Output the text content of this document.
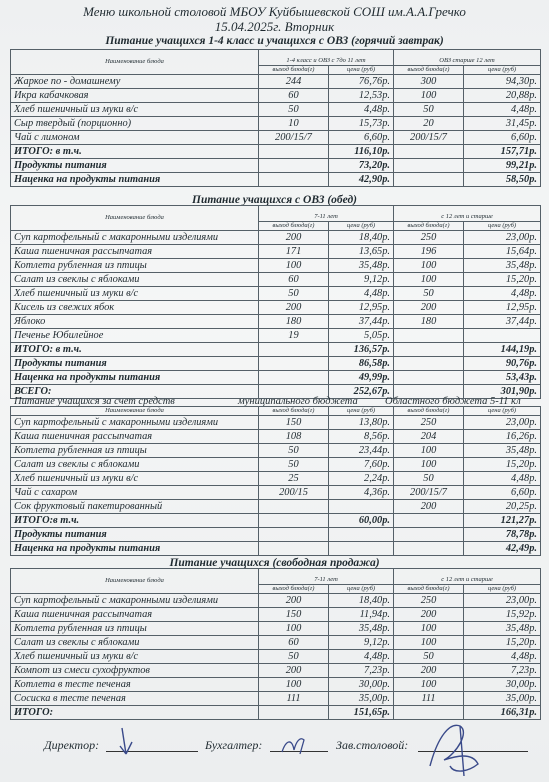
Меню школьной столовой МБОУ Куйбышевской СОШ им.А.А.Гречко
15.04.2025г. Вторник
Питание учащихся 1-4 класс и учащихся с ОВЗ (горячий завтрак)
Наименование блюда	1-4 класс и ОВЗ с 7до 11 лет		ОВЗ старше 12 лет	
	выход блюда(г)	цена (руб)	выход блюда(г)	цена (руб)
Жаркое по - домашнему	244	76,76р.	300	94,30р.
Икра кабачковая	60	12,53р.	100	20,88р.
Хлеб пшеничный из муки в/с	50	4,48р.	50	4,48р.
Сыр твердый (порционно)	10	15,73р.	20	31,45р.
Чай с лимоном	200/15/7	6,60р.	200/15/7	6,60р.
ИТОГО: в т.ч.		116,10р.		157,71р.
Продукты питания		73,20р.		99,21р.
Наценка на продукты питания		42,90р.		58,50р.
Питание учащихся с ОВЗ (обед)
Наименование блюда	7-11 лет		с 12 лет и старше	
	выход блюда(г)	цена (руб)	выход блюда(г)	цена (руб)
Суп картофельный с макаронными изделиями	200	18,40р.	250	23,00р.
Каша пшеничная рассыпчатая	171	13,65р.	196	15,64р.
Котлета рубленная из птицы	100	35,48р.	100	35,48р.
Салат из свеклы с яблоками	60	9,12р.	100	15,20р.
Хлеб пшеничный из муки в/с	50	4,48р.	50	4,48р.
Кисель из свежих ябок	200	12,95р.	200	12,95р.
Яблоко	180	37,44р.	180	37,44р.
Печенье Юбилейное	19	5,05р.		
ИТОГО: в т.ч.		136,57р.		144,19р.
Продукты питания		86,58р.		90,76р.
Наценка на продукты питания		49,99р.		53,43р.
ВСЕГО:		252,67р.		301,90р.
Питание учащихся за счет средств	муниципального бюджета	Областного бюджета 5-11 кл
Наименование блюда	выход блюда(г)	цена (руб)	выход блюда(г)	цена (руб)
Суп картофельный с макаронными изделиями	150	13,80р.	250	23,00р.
Каша пшеничная рассыпчатая	108	8,56р.	204	16,26р.
Котлета рубленная из птицы	50	23,44р.	100	35,48р.
Салат из свеклы с яблоками	50	7,60р.	100	15,20р.
Хлеб пшеничный из муки в/с	25	2,24р.	50	4,48р.
Чай с сахаром	200/15	4,36р.	200/15/7	6,60р.
Сок фруктовый пакетированный			200	20,25р.
ИТОГО:в т.ч.		60,00р.		121,27р.
Продукты питания				78,78р.
Наценка на продукты питания				42,49р.
Питание учащихся (свободная продажа)
Наименование блюда	7-11 лет		с 12 лет и старше	
	выход блюда(г)	цена (руб)	выход блюда(г)	цена (руб)
Суп картофельный с макаронными изделиями	200	18,40р.	250	23,00р.
Каша пшеничная рассыпчатая	150	11,94р.	200	15,92р.
Котлета рубленная из птицы	100	35,48р.	100	35,48р.
Салат из свеклы с яблоками	60	9,12р.	100	15,20р.
Хлеб пшеничный из муки в/с	50	4,48р.	50	4,48р.
Компот из смеси сухофруктов	200	7,23р.	200	7,23р.
Котлета в тесте печеная	100	30,00р.	100	30,00р.
Сосиска в тесте печеная	111	35,00р.	111	35,00р.
ИТОГО:		151,65р.		166,31р.
Директор:	Бухгалтер:	Зав.столовой:
